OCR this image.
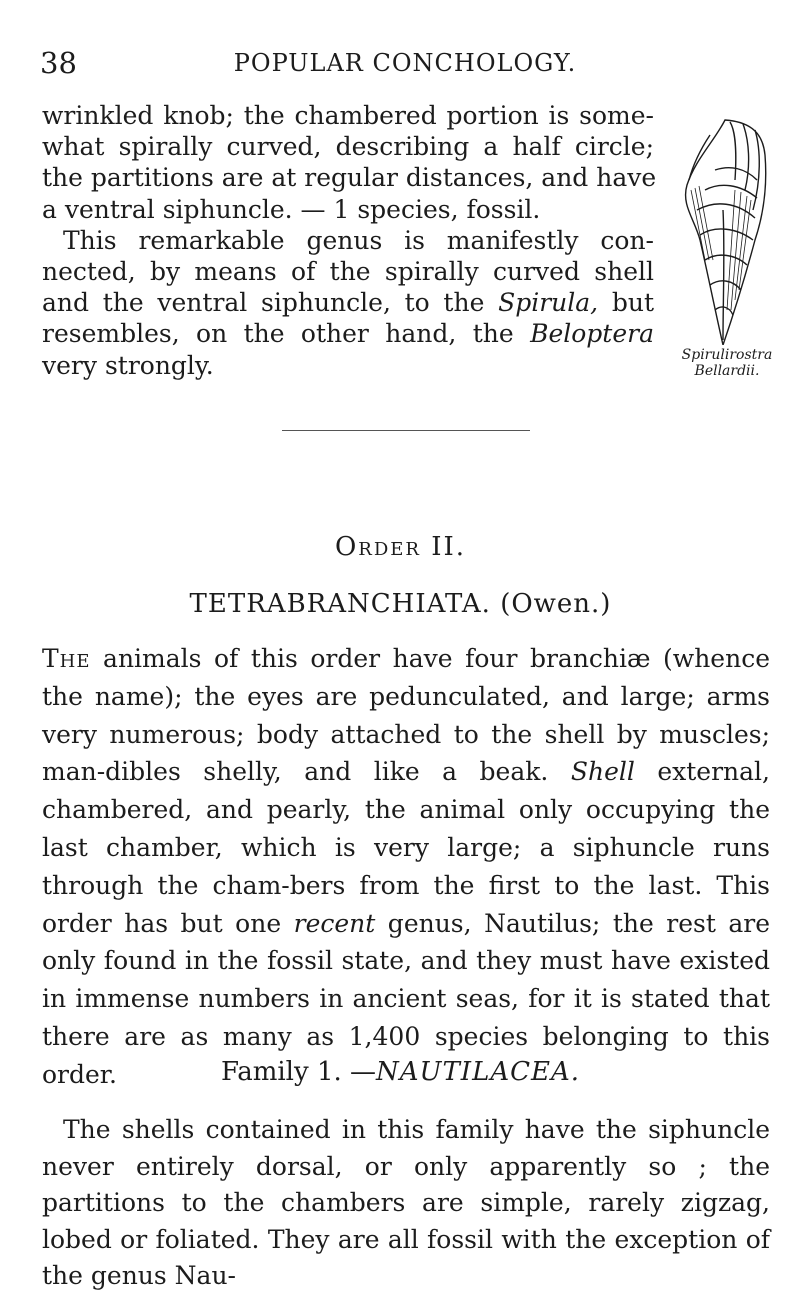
38	POPULAR CONCHOLOGY.
wrinkled knob; the chambered portion is some-
what spirally curved, describing a half circle;
the partitions are at regular distances, and have
a ventral siphuncle. — 1 species, fossil.
This remarkable genus is manifestly con-
nected, by means of the spirally curved shell
and the ventral siphuncle, to the Spirula, but
resembles, on the other hand, the Beloptera
very strongly.	Spirulirostra
Bellardii.
Order II.
TETRABRANCHIATA. (Owen.)
The animals of this order have four branchiæ (whence the name); the eyes are pedunculated, and large; arms very numerous; body attached to the shell by muscles; man-dibles shelly, and like a beak. Shell external, chambered, and pearly, the animal only occupying the last chamber, which is very large; a siphuncle runs through the cham-bers from the first to the last. This order has but one recent genus, Nautilus; the rest are only found in the fossil state, and they must have existed in immense numbers in ancient seas, for it is stated that there are as many as 1,400 species belonging to this order.	Family 1. —NAUTILACEA.
The shells contained in this family have the siphuncle never entirely dorsal, or only apparently so ; the partitions to the chambers are simple, rarely zigzag, lobed or foliated. They are all fossil with the exception of the genus Nau-
